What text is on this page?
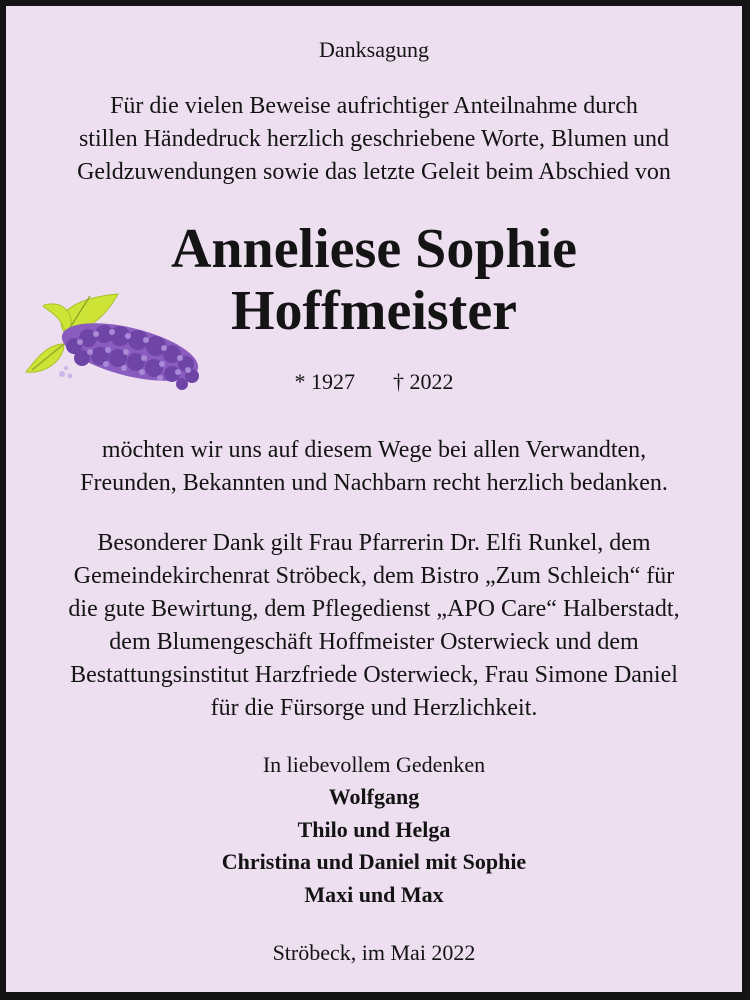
Danksagung
Für die vielen Beweise aufrichtiger Anteilnahme durch
stillen Händedruck herzlich geschriebene Worte, Blumen und
Geldzuwendungen sowie das letzte Geleit beim Abschied von
Anneliese Sophie
Hoffmeister
* 1927 † 2022
möchten wir uns auf diesem Wege bei allen Verwandten,
Freunden, Bekannten und Nachbarn recht herzlich bedanken.
Besonderer Dank gilt Frau Pfarrerin Dr. Elfi Runkel, dem
Gemeindekirchenrat Ströbeck, dem Bistro „Zum Schleich“ für
die gute Bewirtung, dem Pflegedienst „APO Care“ Halberstadt,
dem Blumengeschäft Hoffmeister Osterwieck und dem
Bestattungsinstitut Harzfriede Osterwieck, Frau Simone Daniel
für die Fürsorge und Herzlichkeit.
In liebevollem Gedenken
Wolfgang
Thilo und Helga
Christina und Daniel mit Sophie
Maxi und Max
Ströbeck, im Mai 2022
